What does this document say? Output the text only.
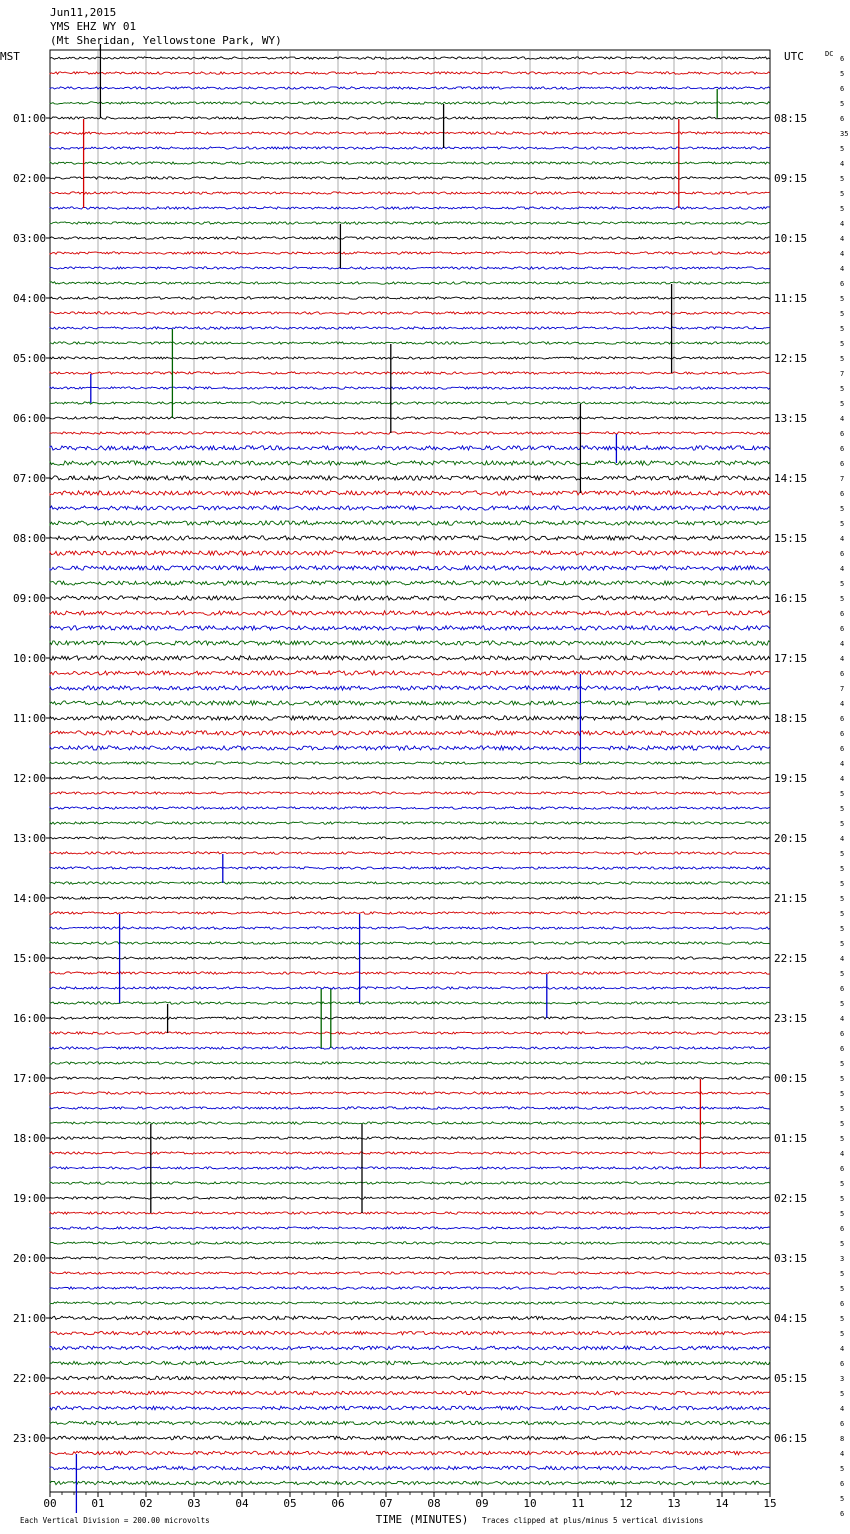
Jun11,2015
YMS EHZ WY 01
(Mt Sheridan, Yellowstone Park, WY)
MST	UTC	DC
01:00
02:00
03:00
04:00
05:00
06:00
07:00
08:00
09:00
10:00
11:00
12:00
13:00
14:00
15:00
16:00
17:00
18:00
19:00
20:00
21:00
22:00
23:00
08:15
09:15
10:15
11:15
12:15
13:15
14:15
15:15
16:15
17:15
18:15
19:15
20:15
21:15
22:15
23:15
00:15
01:15
02:15
03:15
04:15
05:15
06:15
6
5
6
5
6
35
5
4
5
5
5
4
4
4
4
6
5
5
5
5
5
7
5
5
4
6
6
6
7
6
5
5
4
6
4
5
5
6
6
4
4
6
7
4
6
6
6
4
4
5
5
5
4
5
5
5
5
5
5
5
4
5
6
5
4
6
6
5
5
5
5
5
5
4
6
5
5
5
6
5
3
5
5
6
5
5
4
6
3
5
4
6
8
4
5
6
5
6
00	01	02	03	04	05	06	07	08	09	10	11	12	13	14	15
TIME (MINUTES)
Each Vertical Division = 200.00 microvolts	Traces clipped at plus/minus 5 vertical divisions
